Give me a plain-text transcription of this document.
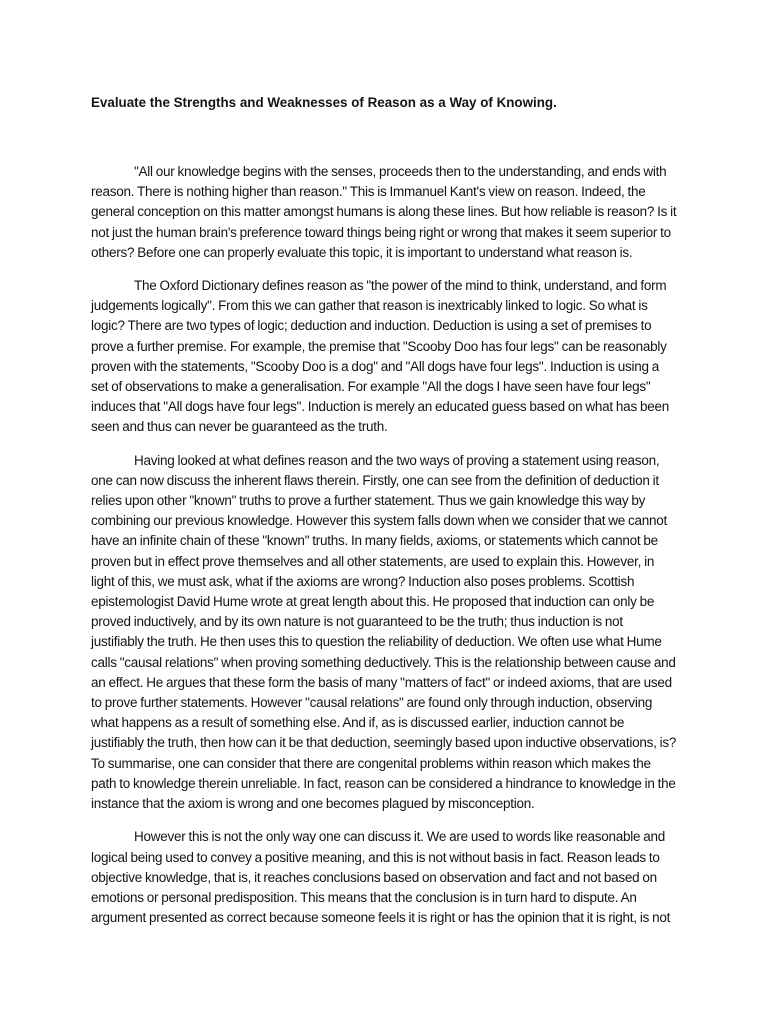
Evaluate the Strengths and Weaknesses of Reason as a Way of Knowing.

"All our knowledge begins with the senses, proceeds then to the understanding, and ends with reason. There is nothing higher than reason." This is Immanuel Kant's view on reason. Indeed, the general conception on this matter amongst humans is along these lines. But how reliable is reason? Is it not just the human brain's preference toward things being right or wrong that makes it seem superior to others? Before one can properly evaluate this topic, it is important to understand what reason is.

The Oxford Dictionary defines reason as "the power of the mind to think, understand, and form judgements logically". From this we can gather that reason is inextricably linked to logic. So what is logic? There are two types of logic; deduction and induction. Deduction is using a set of premises to prove a further premise. For example, the premise that "Scooby Doo has four legs" can be reasonably proven with the statements, "Scooby Doo is a dog" and "All dogs have four legs". Induction is using a set of observations to make a generalisation. For example "All the dogs I have seen have four legs" induces that "All dogs have four legs". Induction is merely an educated guess based on what has been seen and thus can never be guaranteed as the truth.

Having looked at what defines reason and the two ways of proving a statement using reason, one can now discuss the inherent flaws therein. Firstly, one can see from the definition of deduction it relies upon other "known" truths to prove a further statement. Thus we gain knowledge this way by combining our previous knowledge. However this system falls down when we consider that we cannot have an infinite chain of these "known" truths. In many fields, axioms, or statements which cannot be proven but in effect prove themselves and all other statements, are used to explain this. However, in light of this, we must ask, what if the axioms are wrong? Induction also poses problems. Scottish epistemologist David Hume wrote at great length about this. He proposed that induction can only be proved inductively, and by its own nature is not guaranteed to be the truth; thus induction is not justifiably the truth. He then uses this to question the reliability of deduction. We often use what Hume calls "causal relations" when proving something deductively. This is the relationship between cause and an effect. He argues that these form the basis of many "matters of fact" or indeed axioms, that are used to prove further statements. However "causal relations" are found only through induction, observing what happens as a result of something else. And if, as is discussed earlier, induction cannot be justifiably the truth, then how can it be that deduction, seemingly based upon inductive observations, is? To summarise, one can consider that there are congenital problems within reason which makes the path to knowledge therein unreliable. In fact, reason can be considered a hindrance to knowledge in the instance that the axiom is wrong and one becomes plagued by misconception.

However this is not the only way one can discuss it. We are used to words like reasonable and logical being used to convey a positive meaning, and this is not without basis in fact. Reason leads to objective knowledge, that is, it reaches conclusions based on observation and fact and not based on emotions or personal predisposition. This means that the conclusion is in turn hard to dispute. An argument presented as correct because someone feels it is right or has the opinion that it is right, is not
